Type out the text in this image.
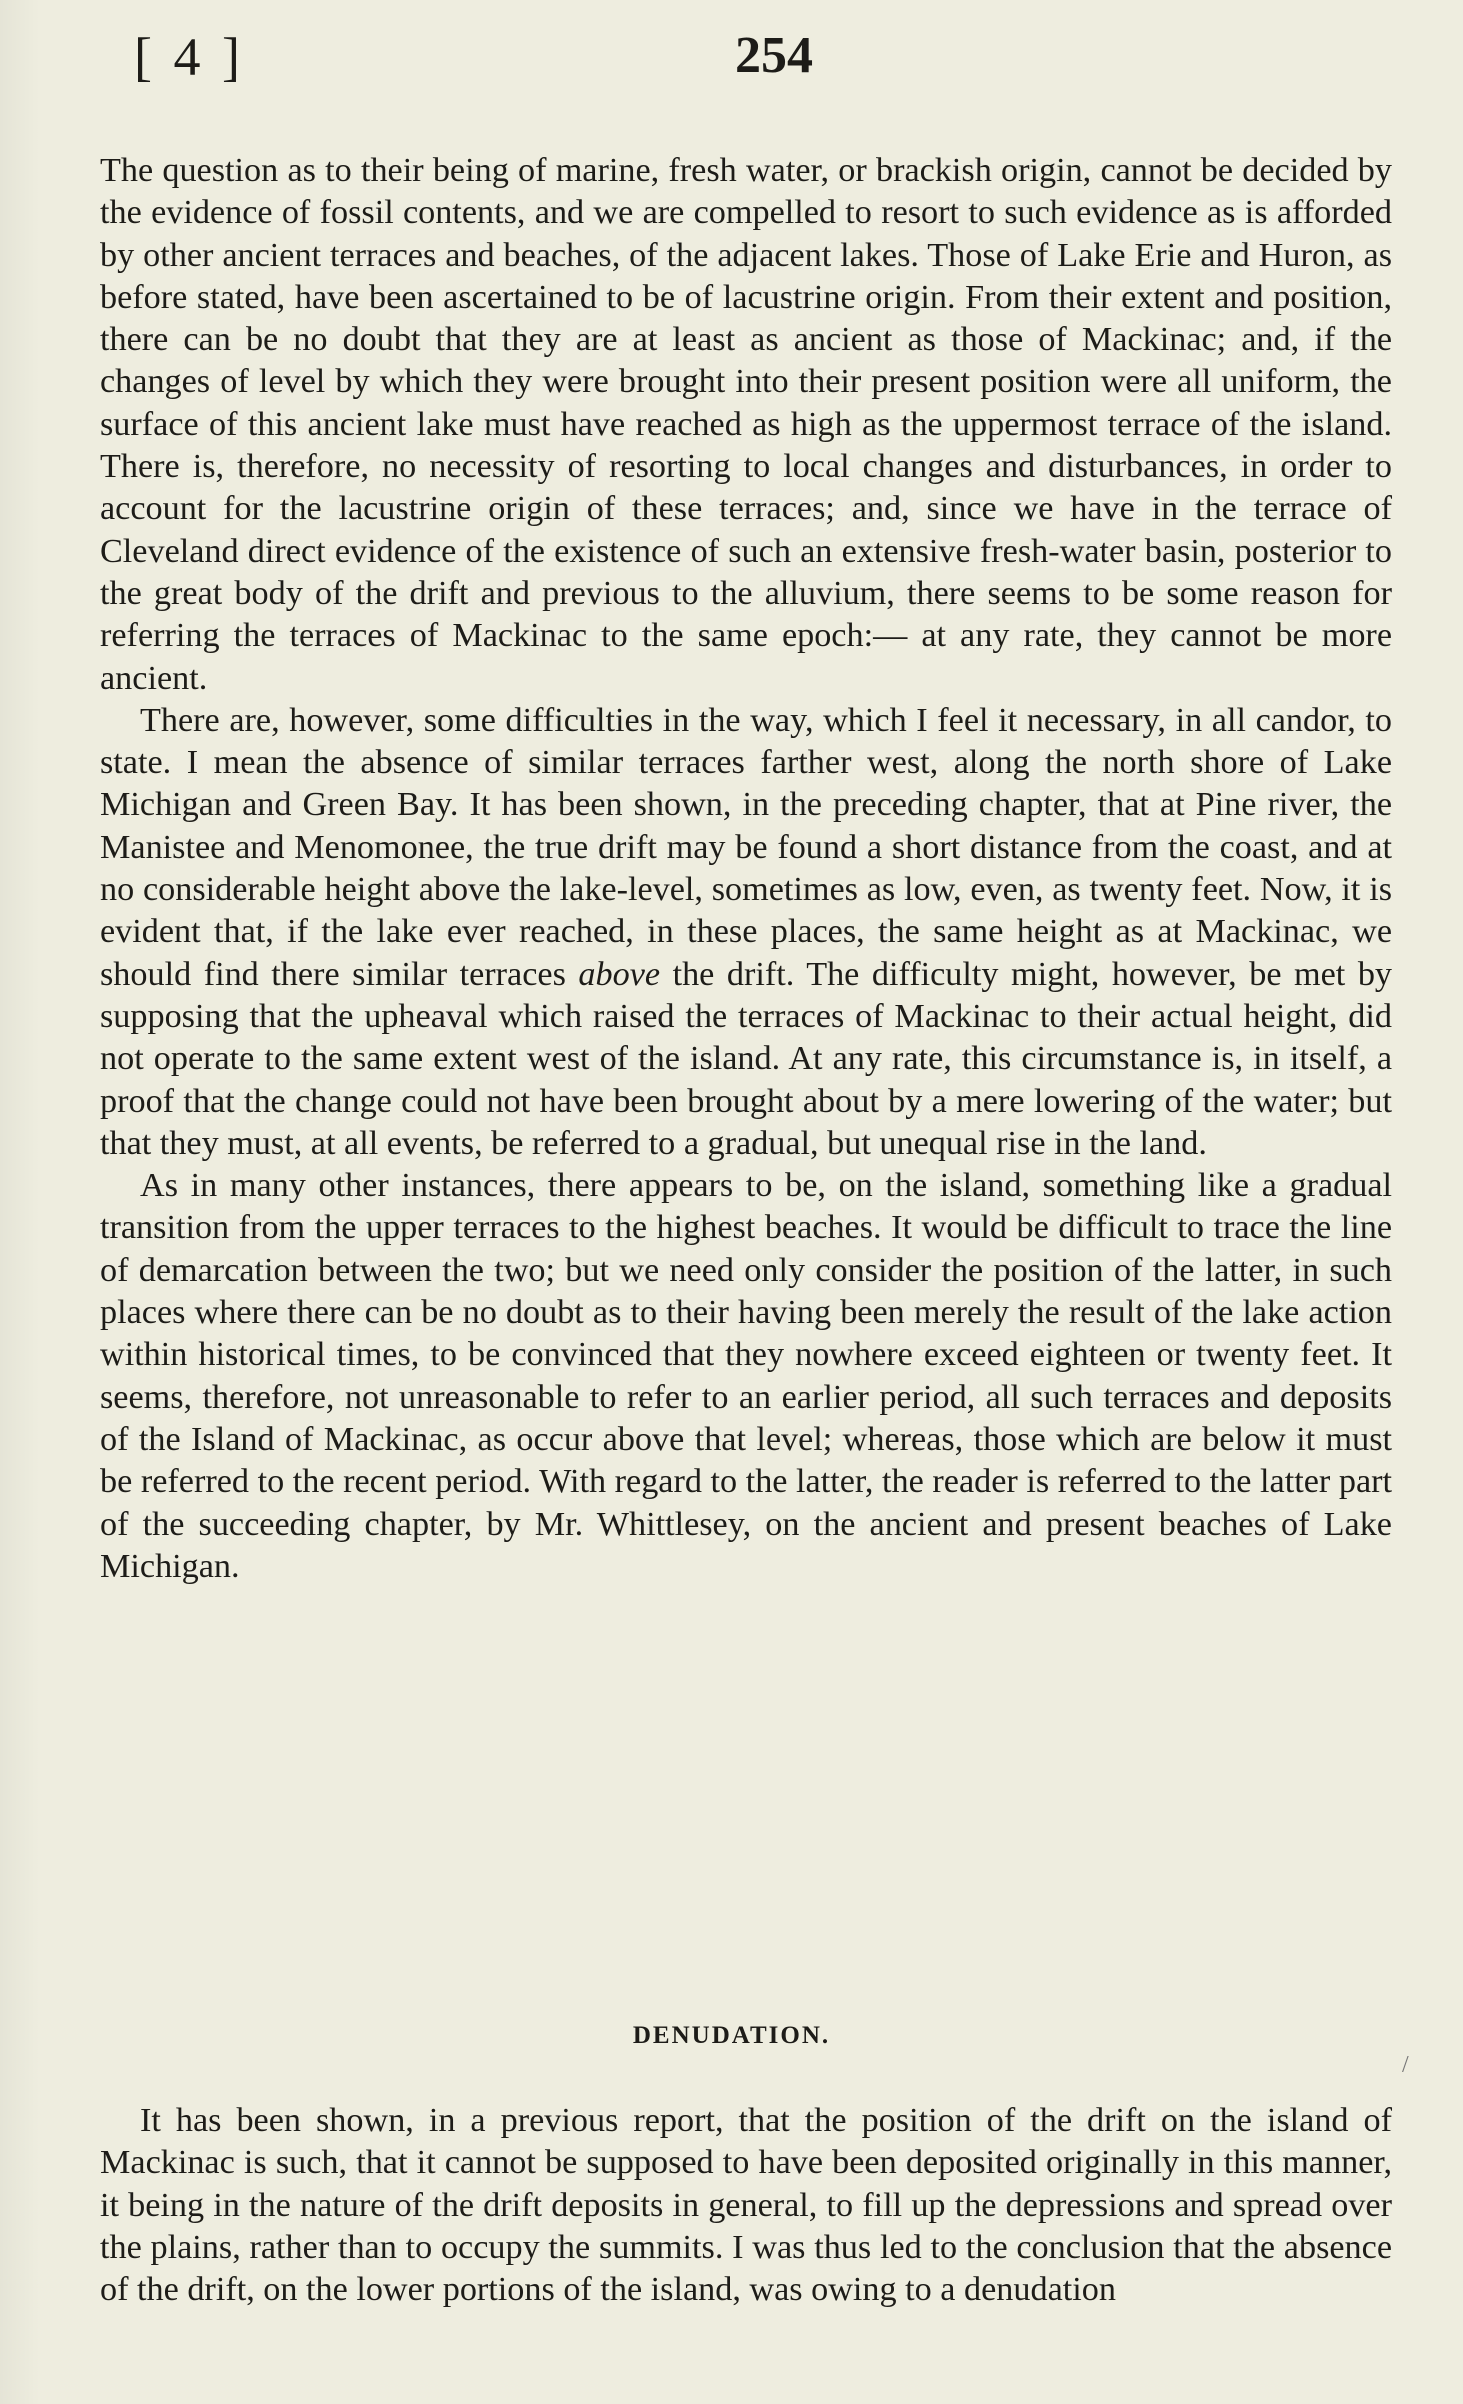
[ 4 ]	254

The question as to their being of marine, fresh water, or brackish origin, cannot be decided by the evidence of fossil contents, and we are compelled to resort to such evidence as is afforded by other ancient terraces and beaches, of the adjacent lakes. Those of Lake Erie and Huron, as before stated, have been ascertained to be of lacustrine origin. From their extent and position, there can be no doubt that they are at least as ancient as those of Mackinac; and, if the changes of level by which they were brought into their present position were all uniform, the surface of this ancient lake must have reached as high as the uppermost terrace of the island. There is, therefore, no necessity of resorting to local changes and disturbances, in order to account for the lacustrine origin of these terraces; and, since we have in the terrace of Cleveland direct evidence of the existence of such an extensive fresh-water basin, posterior to the great body of the drift and previous to the alluvium, there seems to be some reason for referring the terraces of Mackinac to the same epoch:— at any rate, they cannot be more ancient.

There are, however, some difficulties in the way, which I feel it necessary, in all candor, to state. I mean the absence of similar terraces farther west, along the north shore of Lake Michigan and Green Bay. It has been shown, in the preceding chapter, that at Pine river, the Manistee and Menomonee, the true drift may be found a short distance from the coast, and at no considerable height above the lake-level, sometimes as low, even, as twenty feet. Now, it is evident that, if the lake ever reached, in these places, the same height as at Mackinac, we should find there similar terraces above the drift. The difficulty might, however, be met by supposing that the upheaval which raised the terraces of Mackinac to their actual height, did not operate to the same extent west of the island. At any rate, this circumstance is, in itself, a proof that the change could not have been brought about by a mere lowering of the water; but that they must, at all events, be referred to a gradual, but unequal rise in the land.

As in many other instances, there appears to be, on the island, something like a gradual transition from the upper terraces to the highest beaches. It would be difficult to trace the line of demarcation between the two; but we need only consider the position of the latter, in such places where there can be no doubt as to their having been merely the result of the lake action within historical times, to be convinced that they nowhere exceed eighteen or twenty feet. It seems, therefore, not unreasonable to refer to an earlier period, all such terraces and deposits of the Island of Mackinac, as occur above that level; whereas, those which are below it must be referred to the recent period. With regard to the latter, the reader is referred to the latter part of the succeeding chapter, by Mr. Whittlesey, on the ancient and present beaches of Lake Michigan.

DENUDATION.
/

It has been shown, in a previous report, that the position of the drift on the island of Mackinac is such, that it cannot be supposed to have been deposited originally in this manner, it being in the nature of the drift deposits in general, to fill up the depressions and spread over the plains, rather than to occupy the summits. I was thus led to the conclusion that the absence of the drift, on the lower portions of the island, was owing to a denudation
